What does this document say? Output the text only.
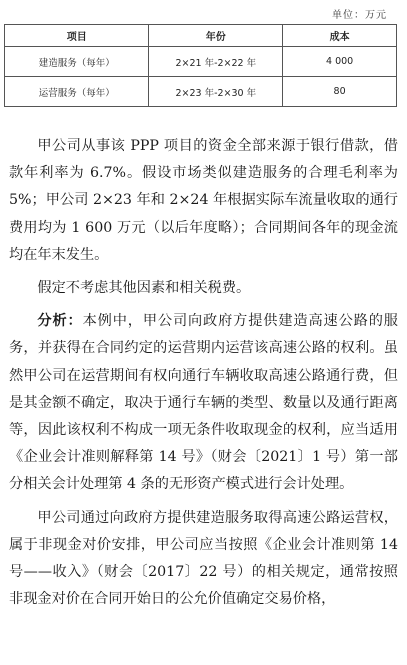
单位：万元
项目	年份	成本
建造服务（每年）	2×21 年-2×22 年	4 000
运营服务（每年）	2×23 年-2×30 年	80

甲公司从事该 PPP 项目的资金全部来源于银行借款，借款年利率为 6.7%。假设市场类似建造服务的合理毛利率为 5%；甲公司 2×23 年和 2×24 年根据实际车流量收取的通行费用均为 1 600 万元（以后年度略）；合同期间各年的现金流均在年末发生。

假定不考虑其他因素和相关税费。

分析：本例中，甲公司向政府方提供建造高速公路的服务，并获得在合同约定的运营期内运营该高速公路的权利。虽然甲公司在运营期间有权向通行车辆收取高速公路通行费，但是其金额不确定，取决于通行车辆的类型、数量以及通行距离等，因此该权利不构成一项无条件收取现金的权利，应当适用《企业会计准则解释第 14 号》（财会〔2021〕1 号）第一部分相关会计处理第 4 条的无形资产模式进行会计处理。

甲公司通过向政府方提供建造服务取得高速公路运营权，属于非现金对价安排，甲公司应当按照《企业会计准则第 14 号——收入》（财会〔2017〕22 号）的相关规定，通常按照非现金对价在合同开始日的公允价值确定交易价格，
